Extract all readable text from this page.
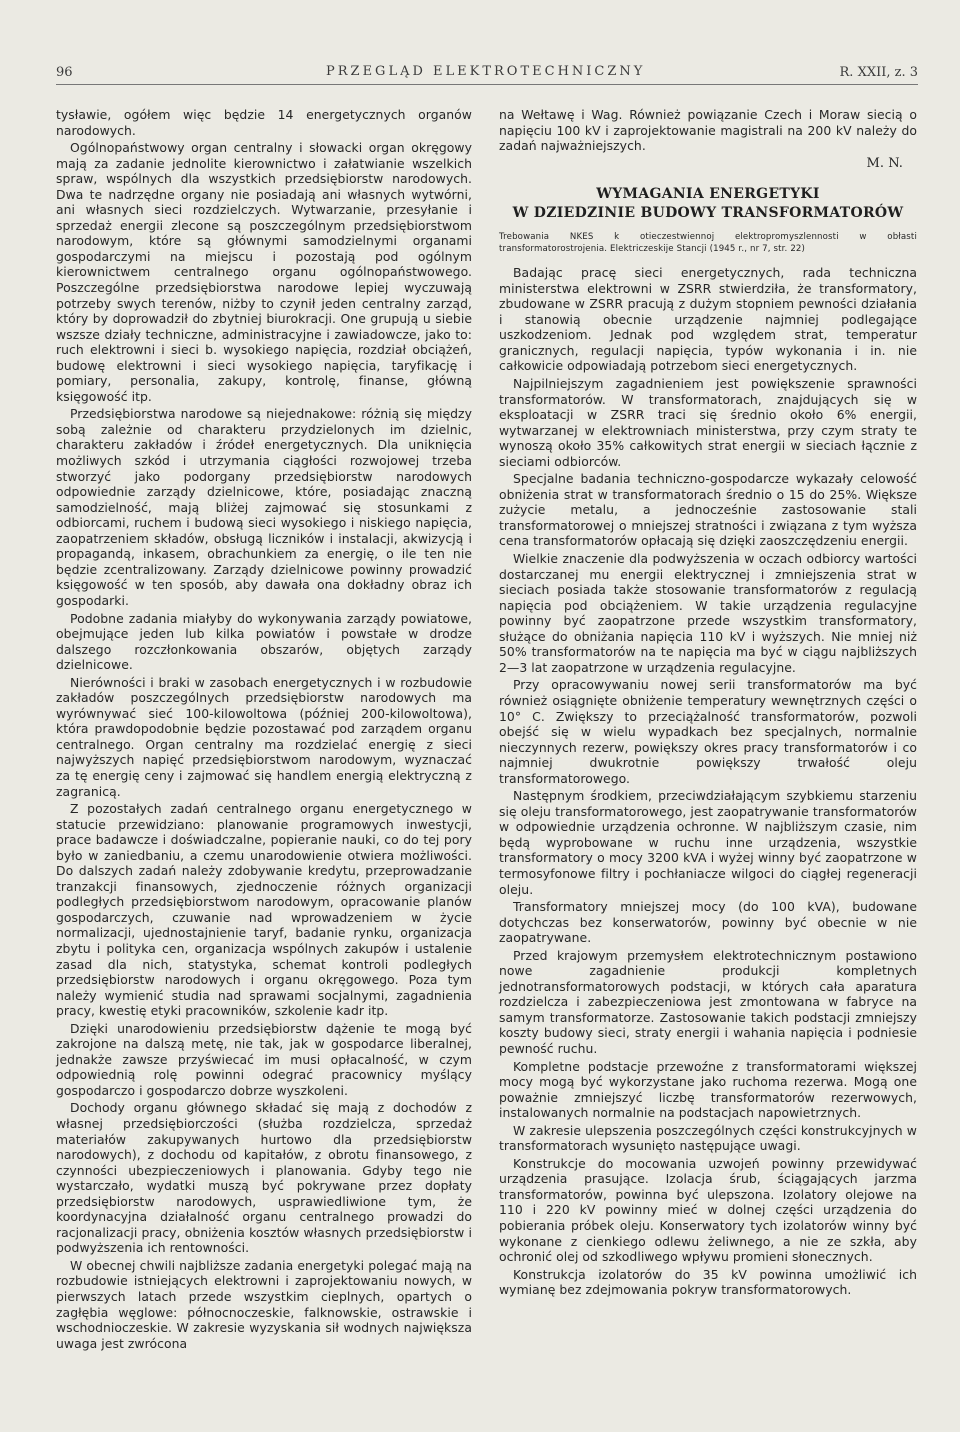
96	PRZEGLĄD ELEKTROTECHNICZNY	R. XXII, z. 3

tysławie, ogółem więc będzie 14 energetycznych organów narodowych.

Ogólnopaństwowy organ centralny i słowacki organ okręgowy mają za zadanie jednolite kierownictwo i załatwianie wszelkich spraw, wspólnych dla wszystkich przedsiębiorstw narodowych. Dwa te nadrzędne organy nie posiadają ani własnych wytwórni, ani własnych sieci rozdzielczych. Wytwarzanie, przesyłanie i sprzedaż energii zlecone są poszczególnym przedsiębiorstwom narodowym, które są głównymi samodzielnymi organami gospodarczymi na miejscu i pozostają pod ogólnym kierownictwem centralnego organu ogólnopaństwowego. Poszczególne przedsiębiorstwa narodowe lepiej wyczuwają potrzeby swych terenów, niżby to czynił jeden centralny zarząd, który by doprowadził do zbytniej biurokracji. One grupują u siebie wszsze działy techniczne, administracyjne i zawiadowcze, jako to: ruch elektrowni i sieci b. wysokiego napięcia, rozdział obciążeń, budowę elektrowni i sieci wysokiego napięcia, taryfikację i pomiary, personalia, zakupy, kontrolę, finanse, główną księgowość itp.

Przedsiębiorstwa narodowe są niejednakowe: różnią się między sobą zależnie od charakteru przydzielonych im dzielnic, charakteru zakładów i źródeł energetycznych. Dla uniknięcia możliwych szkód i utrzymania ciągłości rozwojowej trzeba stworzyć jako podorgany przedsiębiorstw narodowych odpowiednie zarządy dzielnicowe, które, posiadając znaczną samodzielność, mają bliżej zajmować się stosunkami z odbiorcami, ruchem i budową sieci wysokiego i niskiego napięcia, zaopatrzeniem składów, obsługą liczników i instalacji, akwizycją i propagandą, inkasem, obrachunkiem za energię, o ile ten nie będzie zcentralizowany. Zarządy dzielnicowe powinny prowadzić księgowość w ten sposób, aby dawała ona dokładny obraz ich gospodarki.

Podobne zadania miałyby do wykonywania zarządy powiatowe, obejmujące jeden lub kilka powiatów i powstałe w drodze dalszego rozczłonkowania obszarów, objętych zarządy dzielnicowe.

Nierówności i braki w zasobach energetycznych i w rozbudowie zakładów poszczególnych przedsiębiorstw narodowych ma wyrównywać sieć 100-kilowoltowa (później 200-kilowoltowa), która prawdopodobnie będzie pozostawać pod zarządem organu centralnego. Organ centralny ma rozdzielać energię z sieci najwyższych napięć przedsiębiorstwom narodowym, wyznaczać za tę energię ceny i zajmować się handlem energią elektryczną z zagranicą.

Z pozostałych zadań centralnego organu energetycznego w statucie przewidziano: planowanie programowych inwestycji, prace badawcze i doświadczalne, popieranie nauki, co do tej pory było w zaniedbaniu, a czemu unarodowienie otwiera możliwości. Do dalszych zadań należy zdobywanie kredytu, przeprowadzanie tranzakcji finansowych, zjednoczenie różnych organizacji podległych przedsiębiorstwom narodowym, opracowanie planów gospodarczych, czuwanie nad wprowadzeniem w życie normalizacji, ujednostajnienie taryf, badanie rynku, organizacja zbytu i polityka cen, organizacja wspólnych zakupów i ustalenie zasad dla nich, statystyka, schemat kontroli podległych przedsiębiorstw narodowych i organu okręgowego. Poza tym należy wymienić studia nad sprawami socjalnymi, zagadnienia pracy, kwestię etyki pracowników, szkolenie kadr itp.

Dzięki unarodowieniu przedsiębiorstw dążenie te mogą być zakrojone na dalszą metę, nie tak, jak w gospodarce liberalnej, jednakże zawsze przyświecać im musi opłacalność, w czym odpowiednią rolę powinni odegrać pracownicy myślący gospodarczo i gospodarczo dobrze wyszkoleni.

Dochody organu głównego składać się mają z dochodów z własnej przedsiębiorczości (służba rozdzielcza, sprzedaż materiałów zakupywanych hurtowo dla przedsiębiorstw narodowych), z dochodu od kapitałów, z obrotu finansowego, z czynności ubezpieczeniowych i planowania. Gdyby tego nie wystarczało, wydatki muszą być pokrywane przez dopłaty przedsiębiorstw narodowych, usprawiedliwione tym, że koordynacyjna działalność organu centralnego prowadzi do racjonalizacji pracy, obniżenia kosztów własnych przedsiębiorstw i podwyższenia ich rentowności.

W obecnej chwili najbliższe zadania energetyki polegać mają na rozbudowie istniejących elektrowni i zaprojektowaniu nowych, w pierwszych latach przede wszystkim cieplnych, opartych o zagłębia węglowe: północnoczeskie, falknowskie, ostrawskie i wschodnioczeskie. W zakresie wyzyskania sił wodnych największa uwaga jest zwrócona

na Wełtawę i Wag. Również powiązanie Czech i Moraw siecią o napięciu 100 kV i zaprojektowanie magistrali na 200 kV należy do zadań najważniejszych.

M. N.

WYMAGANIA ENERGETYKI
W DZIEDZINIE BUDOWY TRANSFORMATORÓW

Trebowania NKES k otieczestwiennoj elektropromyszlennosti w obłasti transformatorostrojenia. Elektriczeskije Stancji (1945 r., nr 7, str. 22)

Badając pracę sieci energetycznych, rada techniczna ministerstwa elektrowni w ZSRR stwierdziła, że transformatory, zbudowane w ZSRR pracują z dużym stopniem pewności działania i stanowią obecnie urządzenie najmniej podlegające uszkodzeniom. Jednak pod względem strat, temperatur granicznych, regulacji napięcia, typów wykonania i in. nie całkowicie odpowiadają potrzebom sieci energetycznych.

Najpilniejszym zagadnieniem jest powiększenie sprawności transformatorów. W transformatorach, znajdujących się w eksploatacji w ZSRR traci się średnio około 6% energii, wytwarzanej w elektrowniach ministerstwa, przy czym straty te wynoszą około 35% całkowitych strat energii w sieciach łącznie z sieciami odbiorców.

Specjalne badania techniczno-gospodarcze wykazały celowość obniżenia strat w transformatorach średnio o 15 do 25%. Większe zużycie metalu, a jednocześnie zastosowanie stali transformatorowej o mniejszej stratności i związana z tym wyższa cena transformatorów opłacają się dzięki zaoszczędzeniu energii.

Wielkie znaczenie dla podwyższenia w oczach odbiorcy wartości dostarczanej mu energii elektrycznej i zmniejszenia strat w sieciach posiada także stosowanie transformatorów z regulacją napięcia pod obciążeniem. W takie urządzenia regulacyjne powinny być zaopatrzone przede wszystkim transformatory, służące do obniżania napięcia 110 kV i wyższych. Nie mniej niż 50% transformatorów na te napięcia ma być w ciągu najbliższych 2—3 lat zaopatrzone w urządzenia regulacyjne.

Przy opracowywaniu nowej serii transformatorów ma być również osiągnięte obniżenie temperatury wewnętrznych części o 10° C. Zwiększy to przeciążalność transformatorów, pozwoli obejść się w wielu wypadkach bez specjalnych, normalnie nieczynnych rezerw, powiększy okres pracy transformatorów i co najmniej dwukrotnie powiększy trwałość oleju transformatorowego.

Następnym środkiem, przeciwdziałającym szybkiemu starzeniu się oleju transformatorowego, jest zaopatrywanie transformatorów w odpowiednie urządzenia ochronne. W najbliższym czasie, nim będą wyprobowane w ruchu inne urządzenia, wszystkie transformatory o mocy 3200 kVA i wyżej winny być zaopatrzone w termosyfonowe filtry i pochłaniacze wilgoci do ciągłej regeneracji oleju.

Transformatory mniejszej mocy (do 100 kVA), budowane dotychczas bez konserwatorów, powinny być obecnie w nie zaopatrywane.

Przed krajowym przemysłem elektrotechnicznym postawiono nowe zagadnienie produkcji kompletnych jednotransformatorowych podstacji, w których cała aparatura rozdzielcza i zabezpieczeniowa jest zmontowana w fabryce na samym transformatorze. Zastosowanie takich podstacji zmniejszy koszty budowy sieci, straty energii i wahania napięcia i podniesie pewność ruchu.

Kompletne podstacje przewoźne z transformatorami większej mocy mogą być wykorzystane jako ruchoma rezerwa. Mogą one poważnie zmniejszyć liczbę transformatorów rezerwowych, instalowanych normalnie na podstacjach napowietrznych.

W zakresie ulepszenia poszczególnych części konstrukcyjnych w transformatorach wysunięto następujące uwagi.

Konstrukcje do mocowania uzwojeń powinny przewidywać urządzenia prasujące. Izolacja śrub, ściągających jarzma transformatorów, powinna być ulepszona. Izolatory olejowe na 110 i 220 kV powinny mieć w dolnej części urządzenia do pobierania próbek oleju. Konserwatory tych izolatorów winny być wykonane z cienkiego odlewu żeliwnego, a nie ze szkła, aby ochronić olej od szkodliwego wpływu promieni słonecznych.

Konstrukcja izolatorów do 35 kV powinna umożliwić ich wymianę bez zdejmowania pokryw transformatorowych.
